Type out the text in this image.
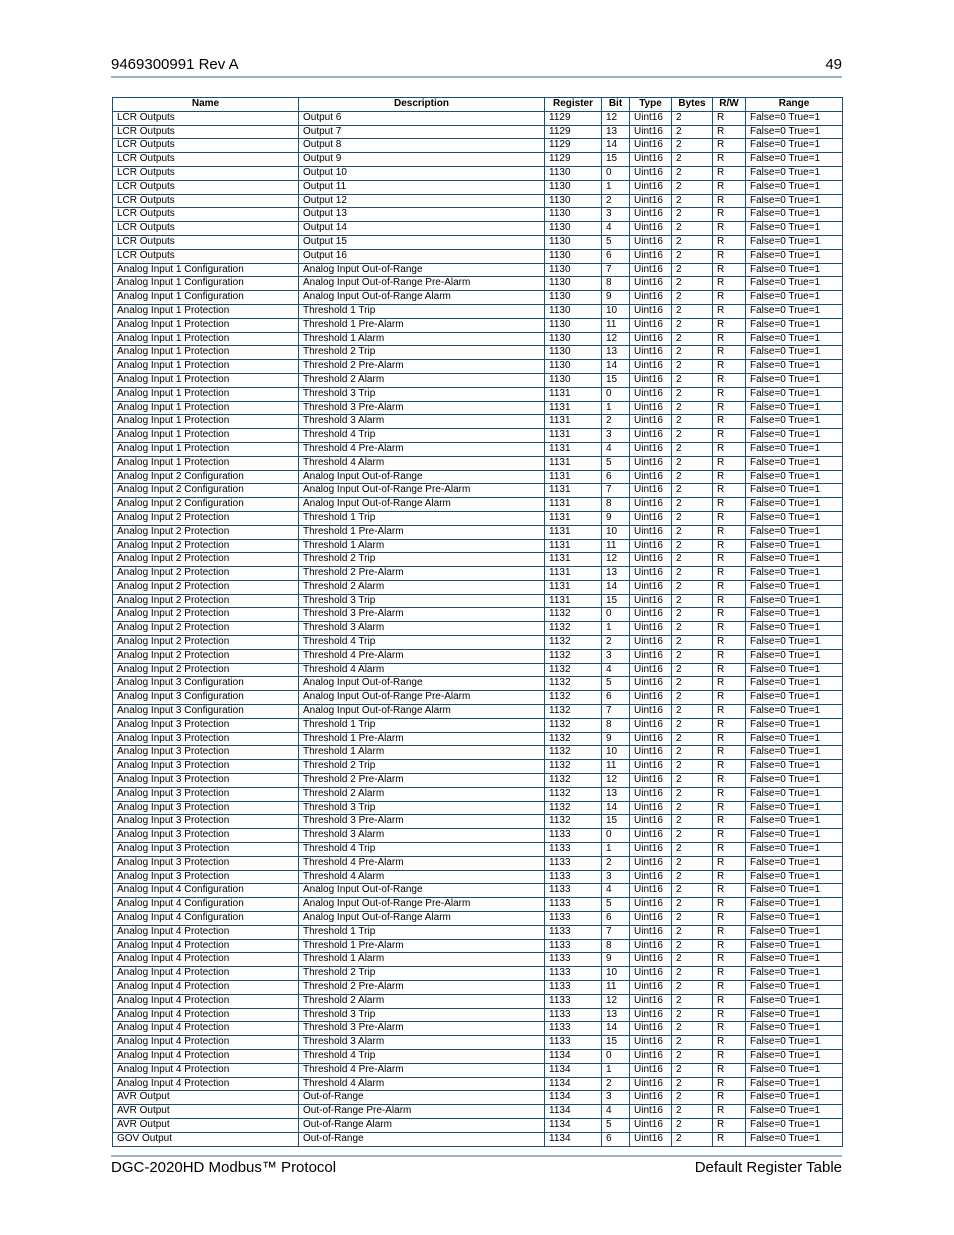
9469300991 Rev A	49
Name	Description	Register	Bit	Type	Bytes	R/W	Range
LCR Outputs	Output 6	1129	12	Uint16	2	R	False=0 True=1
LCR Outputs	Output 7	1129	13	Uint16	2	R	False=0 True=1
LCR Outputs	Output 8	1129	14	Uint16	2	R	False=0 True=1
LCR Outputs	Output 9	1129	15	Uint16	2	R	False=0 True=1
LCR Outputs	Output 10	1130	0	Uint16	2	R	False=0 True=1
LCR Outputs	Output 11	1130	1	Uint16	2	R	False=0 True=1
LCR Outputs	Output 12	1130	2	Uint16	2	R	False=0 True=1
LCR Outputs	Output 13	1130	3	Uint16	2	R	False=0 True=1
LCR Outputs	Output 14	1130	4	Uint16	2	R	False=0 True=1
LCR Outputs	Output 15	1130	5	Uint16	2	R	False=0 True=1
LCR Outputs	Output 16	1130	6	Uint16	2	R	False=0 True=1
Analog Input 1 Configuration	Analog Input Out-of-Range	1130	7	Uint16	2	R	False=0 True=1
Analog Input 1 Configuration	Analog Input Out-of-Range Pre-Alarm	1130	8	Uint16	2	R	False=0 True=1
Analog Input 1 Configuration	Analog Input Out-of-Range Alarm	1130	9	Uint16	2	R	False=0 True=1
Analog Input 1 Protection	Threshold 1 Trip	1130	10	Uint16	2	R	False=0 True=1
Analog Input 1 Protection	Threshold 1 Pre-Alarm	1130	11	Uint16	2	R	False=0 True=1
Analog Input 1 Protection	Threshold 1 Alarm	1130	12	Uint16	2	R	False=0 True=1
Analog Input 1 Protection	Threshold 2 Trip	1130	13	Uint16	2	R	False=0 True=1
Analog Input 1 Protection	Threshold 2 Pre-Alarm	1130	14	Uint16	2	R	False=0 True=1
Analog Input 1 Protection	Threshold 2 Alarm	1130	15	Uint16	2	R	False=0 True=1
Analog Input 1 Protection	Threshold 3 Trip	1131	0	Uint16	2	R	False=0 True=1
Analog Input 1 Protection	Threshold 3 Pre-Alarm	1131	1	Uint16	2	R	False=0 True=1
Analog Input 1 Protection	Threshold 3 Alarm	1131	2	Uint16	2	R	False=0 True=1
Analog Input 1 Protection	Threshold 4 Trip	1131	3	Uint16	2	R	False=0 True=1
Analog Input 1 Protection	Threshold 4 Pre-Alarm	1131	4	Uint16	2	R	False=0 True=1
Analog Input 1 Protection	Threshold 4 Alarm	1131	5	Uint16	2	R	False=0 True=1
Analog Input 2 Configuration	Analog Input Out-of-Range	1131	6	Uint16	2	R	False=0 True=1
Analog Input 2 Configuration	Analog Input Out-of-Range Pre-Alarm	1131	7	Uint16	2	R	False=0 True=1
Analog Input 2 Configuration	Analog Input Out-of-Range Alarm	1131	8	Uint16	2	R	False=0 True=1
Analog Input 2 Protection	Threshold 1 Trip	1131	9	Uint16	2	R	False=0 True=1
Analog Input 2 Protection	Threshold 1 Pre-Alarm	1131	10	Uint16	2	R	False=0 True=1
Analog Input 2 Protection	Threshold 1 Alarm	1131	11	Uint16	2	R	False=0 True=1
Analog Input 2 Protection	Threshold 2 Trip	1131	12	Uint16	2	R	False=0 True=1
Analog Input 2 Protection	Threshold 2 Pre-Alarm	1131	13	Uint16	2	R	False=0 True=1
Analog Input 2 Protection	Threshold 2 Alarm	1131	14	Uint16	2	R	False=0 True=1
Analog Input 2 Protection	Threshold 3 Trip	1131	15	Uint16	2	R	False=0 True=1
Analog Input 2 Protection	Threshold 3 Pre-Alarm	1132	0	Uint16	2	R	False=0 True=1
Analog Input 2 Protection	Threshold 3 Alarm	1132	1	Uint16	2	R	False=0 True=1
Analog Input 2 Protection	Threshold 4 Trip	1132	2	Uint16	2	R	False=0 True=1
Analog Input 2 Protection	Threshold 4 Pre-Alarm	1132	3	Uint16	2	R	False=0 True=1
Analog Input 2 Protection	Threshold 4 Alarm	1132	4	Uint16	2	R	False=0 True=1
Analog Input 3 Configuration	Analog Input Out-of-Range	1132	5	Uint16	2	R	False=0 True=1
Analog Input 3 Configuration	Analog Input Out-of-Range Pre-Alarm	1132	6	Uint16	2	R	False=0 True=1
Analog Input 3 Configuration	Analog Input Out-of-Range Alarm	1132	7	Uint16	2	R	False=0 True=1
Analog Input 3 Protection	Threshold 1 Trip	1132	8	Uint16	2	R	False=0 True=1
Analog Input 3 Protection	Threshold 1 Pre-Alarm	1132	9	Uint16	2	R	False=0 True=1
Analog Input 3 Protection	Threshold 1 Alarm	1132	10	Uint16	2	R	False=0 True=1
Analog Input 3 Protection	Threshold 2 Trip	1132	11	Uint16	2	R	False=0 True=1
Analog Input 3 Protection	Threshold 2 Pre-Alarm	1132	12	Uint16	2	R	False=0 True=1
Analog Input 3 Protection	Threshold 2 Alarm	1132	13	Uint16	2	R	False=0 True=1
Analog Input 3 Protection	Threshold 3 Trip	1132	14	Uint16	2	R	False=0 True=1
Analog Input 3 Protection	Threshold 3 Pre-Alarm	1132	15	Uint16	2	R	False=0 True=1
Analog Input 3 Protection	Threshold 3 Alarm	1133	0	Uint16	2	R	False=0 True=1
Analog Input 3 Protection	Threshold 4 Trip	1133	1	Uint16	2	R	False=0 True=1
Analog Input 3 Protection	Threshold 4 Pre-Alarm	1133	2	Uint16	2	R	False=0 True=1
Analog Input 3 Protection	Threshold 4 Alarm	1133	3	Uint16	2	R	False=0 True=1
Analog Input 4 Configuration	Analog Input Out-of-Range	1133	4	Uint16	2	R	False=0 True=1
Analog Input 4 Configuration	Analog Input Out-of-Range Pre-Alarm	1133	5	Uint16	2	R	False=0 True=1
Analog Input 4 Configuration	Analog Input Out-of-Range Alarm	1133	6	Uint16	2	R	False=0 True=1
Analog Input 4 Protection	Threshold 1 Trip	1133	7	Uint16	2	R	False=0 True=1
Analog Input 4 Protection	Threshold 1 Pre-Alarm	1133	8	Uint16	2	R	False=0 True=1
Analog Input 4 Protection	Threshold 1 Alarm	1133	9	Uint16	2	R	False=0 True=1
Analog Input 4 Protection	Threshold 2 Trip	1133	10	Uint16	2	R	False=0 True=1
Analog Input 4 Protection	Threshold 2 Pre-Alarm	1133	11	Uint16	2	R	False=0 True=1
Analog Input 4 Protection	Threshold 2 Alarm	1133	12	Uint16	2	R	False=0 True=1
Analog Input 4 Protection	Threshold 3 Trip	1133	13	Uint16	2	R	False=0 True=1
Analog Input 4 Protection	Threshold 3 Pre-Alarm	1133	14	Uint16	2	R	False=0 True=1
Analog Input 4 Protection	Threshold 3 Alarm	1133	15	Uint16	2	R	False=0 True=1
Analog Input 4 Protection	Threshold 4 Trip	1134	0	Uint16	2	R	False=0 True=1
Analog Input 4 Protection	Threshold 4 Pre-Alarm	1134	1	Uint16	2	R	False=0 True=1
Analog Input 4 Protection	Threshold 4 Alarm	1134	2	Uint16	2	R	False=0 True=1
AVR Output	Out-of-Range	1134	3	Uint16	2	R	False=0 True=1
AVR Output	Out-of-Range Pre-Alarm	1134	4	Uint16	2	R	False=0 True=1
AVR Output	Out-of-Range Alarm	1134	5	Uint16	2	R	False=0 True=1
GOV Output	Out-of-Range	1134	6	Uint16	2	R	False=0 True=1
DGC-2020HD Modbus™ Protocol	Default Register Table
